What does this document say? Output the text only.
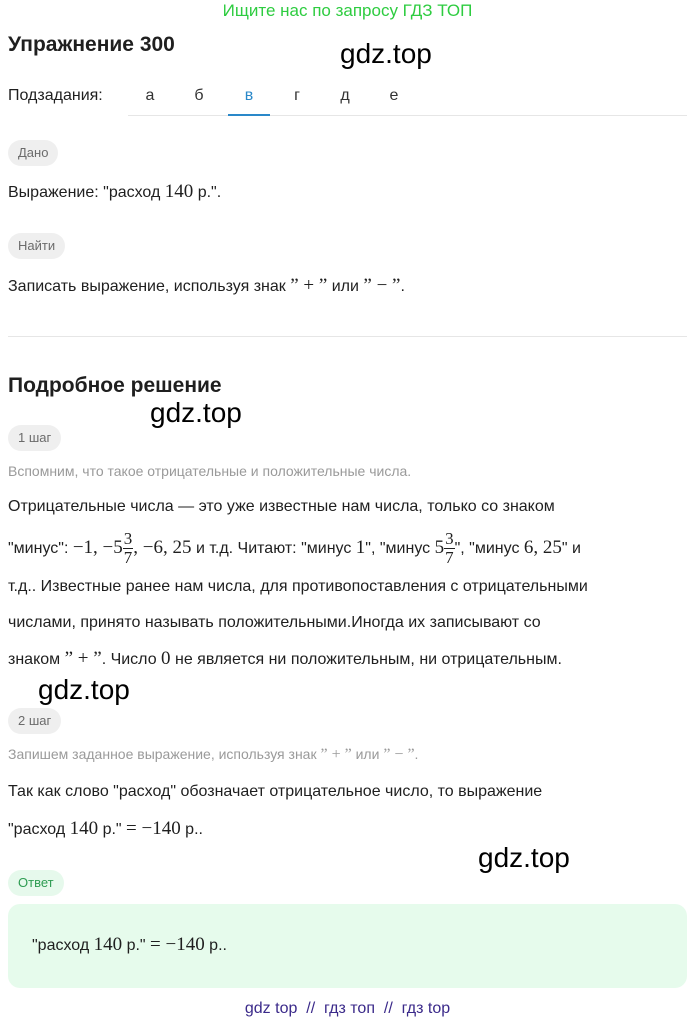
Ищите нас по запросу ГДЗ ТОП
Упражнение 300	gdz.top
Подзадания:	а	б	в	г	д	е
Дано
Выражение: "расход 140 р.".
Найти
Записать выражение, используя знак ” + ” или ” − ”.
Подробное решение
gdz.top
1 шаг
Вспомним, что такое отрицательные и положительные числа.
Отрицательные числа — это уже известные нам числа, только со знаком
"минус": −1, $-5 \frac{3}{7}$ , −6, 25 и т.д. Читают: "минус 1", "минус $5 \frac{3}{7}$ ", "минус 6, 25" и
т.д.. Известные ранее нам числа, для противопоставления с отрицательными
числами, принято называть положительными.Иногда их записывают со
знаком ” + ”. Число 0 не является ни положительным, ни отрицательным.
gdz.top
2 шаг
Запишем заданное выражение, используя знак ” + ” или ” − ”.
Так как слово "расход" обозначает отрицательное число, то выражение
"расход 140 р." = −140 р..
gdz.top
Ответ
"расход 140 р." = −140 р..
gdz top  //  гдз топ  //  гдз top
